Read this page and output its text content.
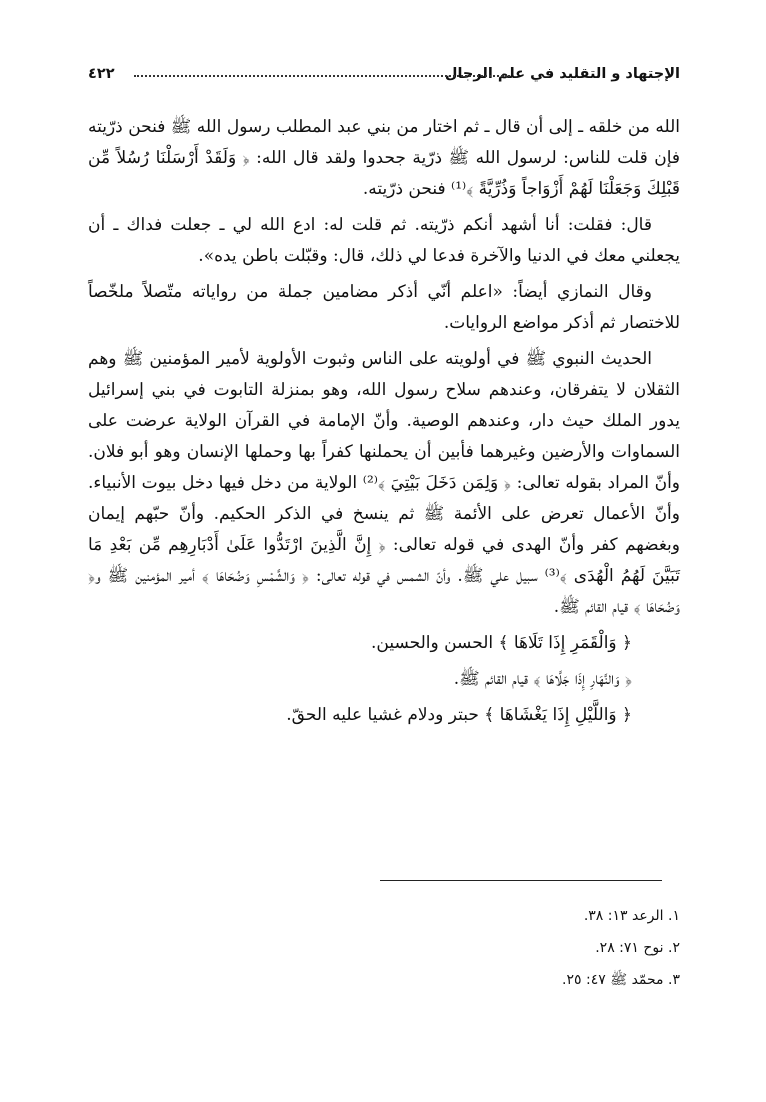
الإجتهاد و التقليد في علم الرجال
٤٢٢

الله من خلقه ـ إلى أن قال ـ ثم اختار من بني عبد المطلب رسول الله ﷺ فنحن ذرّيته فإن قلت للناس: لرسول الله ﷺ ذرّية جحدوا ولقد قال الله: ﴿ وَلَقَدْ أَرْسَلْنَا رُسُلاً مِّن قَبْلِكَ وَجَعَلْنَا لَهُمْ أَزْوَاجاً وَذُرِّيَّةً ﴾⁽¹⁾ فنحن ذرّيته.

قال: فقلت: أنا أشهد أنكم ذرّيته. ثم قلت له: ادع الله لي ـ جعلت فداك ـ أن يجعلني معك في الدنيا والآخرة فدعا لي ذلك، قال: وقبّلت باطن يده».

وقال النمازي أيضاً: «اعلم أنّي أذكر مضامين جملة من رواياته متّصلاً ملخّصاً للاختصار ثم أذكر مواضع الروايات.

الحديث النبوي ﷺ في أولويته على الناس وثبوت الأولوية لأمير المؤمنين ﷺ وهم الثقلان لا يتفرقان، وعندهم سلاح رسول الله، وهو بمنزلة التابوت في بني إسرائيل يدور الملك حيث دار، وعندهم الوصية. وأنّ الإمامة في القرآن الولاية عرضت على السماوات والأرضين وغيرهما فأبين أن يحملنها كفراً بها وحملها الإنسان وهو أبو فلان. وأنّ المراد بقوله تعالى: ﴿ وَلِمَن دَخَلَ بَيْتِيَ ﴾⁽²⁾ الولاية من دخل فيها دخل بيوت الأنبياء. وأنّ الأعمال تعرض على الأئمة ﷺ ثم ينسخ في الذكر الحكيم. وأنّ حبّهم إيمان وبغضهم كفر وأنّ الهدى في قوله تعالى: ﴿ إِنَّ الَّذِينَ ارْتَدُّوا عَلَىٰ أَدْبَارِهِم مِّن بَعْدِ مَا تَبَيَّنَ لَهُمُ الْهُدَى ﴾⁽³⁾ سبيل علي ﷺ. وأنّ الشمس في قوله تعالى: ﴿ وَالشَّمْسِ وَضُحَاهَا ﴾ أمير المؤمنين ﷺ و﴿ وَضُحَاهَا ﴾ قيام القائم ﷺ.

﴿ وَالْقَمَرِ إِذَا تَلَاهَا ﴾ الحسن والحسين.

﴿ وَالنَّهَارِ إِذَا جَلَّاهَا ﴾ قيام القائم ﷺ.

﴿ وَاللَّيْلِ إِذَا يَغْشَاهَا ﴾ حبتر ودلام غشيا عليه الحقّ.

١. الرعد ١٣: ٣٨.
٢. نوح ٧١: ٢٨.
٣. محمّد ﷺ ٤٧: ٢٥.
